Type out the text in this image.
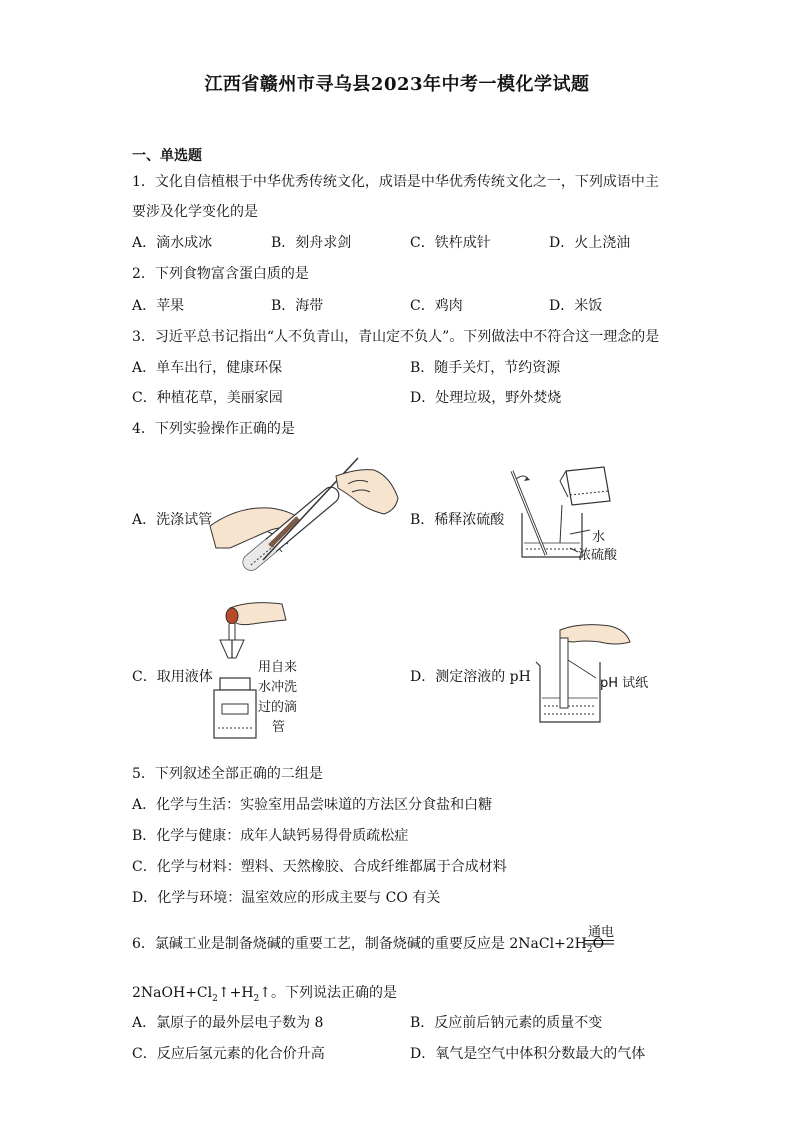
江西省赣州市寻乌县2023年中考一模化学试题
一、单选题
1．文化自信植根于中华优秀传统文化，成语是中华优秀传统文化之一，下列成语中主
要涉及化学变化的是
A．滴水成冰	B．刻舟求剑	C．铁杵成针	D．火上浇油
2．下列食物富含蛋白质的是
A．苹果	B．海带	C．鸡肉	D．米饭
3．习近平总书记指出“人不负青山，青山定不负人”。下列做法中不符合这一理念的是
A．单车出行，健康环保	B．随手关灯，节约资源
C．种植花草，美丽家园	D．处理垃圾，野外焚烧
4．下列实验操作正确的是
A．洗涤试管	B．稀释浓硫酸
水
浓硫酸
C．取用液体
用自来
水冲洗
过的滴
管
D．测定溶液的 pH	pH 试纸
5．下列叙述全部正确的二组是
A．化学与生活：实验室用品尝味道的方法区分食盐和白糖
B．化学与健康：成年人缺钙易得骨质疏松症
C．化学与材料：塑料、天然橡胶、合成纤维都属于合成材料
D．化学与环境：温室效应的形成主要与 CO 有关
6．氯碱工业是制备烧碱的重要工艺，制备烧碱的重要反应是 $2NaCl+2H_2O$
通电
$2NaOH+Cl_2↑+H_2↑$。下列说法正确的是
A．氯原子的最外层电子数为 8	B．反应前后钠元素的质量不变
C．反应后氢元素的化合价升高	D．氧气是空气中体积分数最大的气体
